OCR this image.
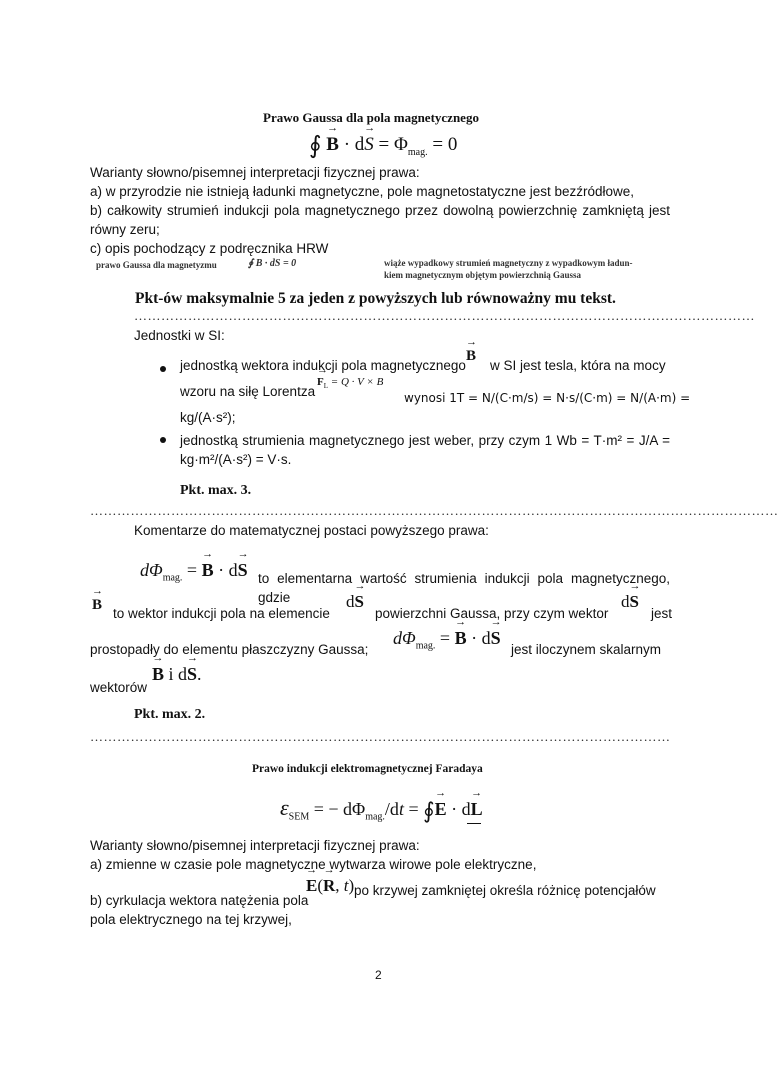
Prawo Gaussa dla pola magnetycznego
∮ → $B \cdot d\to S = \Phi_{mag.} = 0$
Warianty słowno/pisemnej interpretacji fizycznej prawa:
a) w przyrodzie nie istnieją ładunki magnetyczne, pole magnetostatyczne jest bezźródłowe,
b) całkowity strumień indukcji pola magnetycznego przez dowolną powierzchnię zamkniętą jest
równy zeru;
c) opis pochodzący z podręcznika HRW
prawo Gaussa dla magnetyzmu	∮ B · dS = 0	wiąże wypadkowy strumień magnetyczny z wypadkowym ładun-
kiem magnetycznym objętym powierzchnią Gaussa
Pkt-ów maksymalnie 5 za jeden z powyższych lub równoważny mu tekst.
…………………………………………………………………………………………………………………………
Jednostki w SI:
jednostką wektora indukcji pola magnetycznego
→ B
w SI jest tesla, która na mocy
wzoru na siłę Lorentza
→ $F_L = Q \cdot V \times B$
wynosi 1T = N/(C·m/s) = N·s/(C·m) = N/(A·m) =
kg/(A·s²);
jednostką strumienia magnetycznego jest weber, przy czym 1 Wb = T·m² = J/A =
kg·m²/(A·s²) = V·s.
Pkt. max. 3.
………………………………………………………………………………………………………………………………………
Komentarze do matematycznej postaci powyższego prawa:
$d\Phi_{mag.}$ = → B · d→ S to elementarna wartość strumienia indukcji pola magnetycznego, gdzie
→ B
to wektor indukcji pola na elemencie
d→ S
powierzchni Gaussa, przy czym wektor
d→ S
jest
prostopadły do elementu płaszczyzny Gaussa;
$d\Phi_{mag.}$ = → B · d→ S
jest iloczynem skalarnym
wektorów
→ B i d→ S.
Pkt. max. 2.
…………………………………………………………………………………………………………………
Prawo indukcji elektromagnetycznej Faradaya
$\varepsilon_{SEM}$ = − $d\Phi_{mag.}/dt$ = ∮→ E · d→ L
Warianty słowno/pisemnej interpretacji fizycznej prawa:
a) zmienne w czasie pole magnetyczne wytwarza wirowe pole elektryczne,
b) cyrkulacja wektora natężenia pola
→ E(→ R, t) po krzywej zamkniętej określa różnicę potencjałów
pola elektrycznego na tej krzywej,
2
